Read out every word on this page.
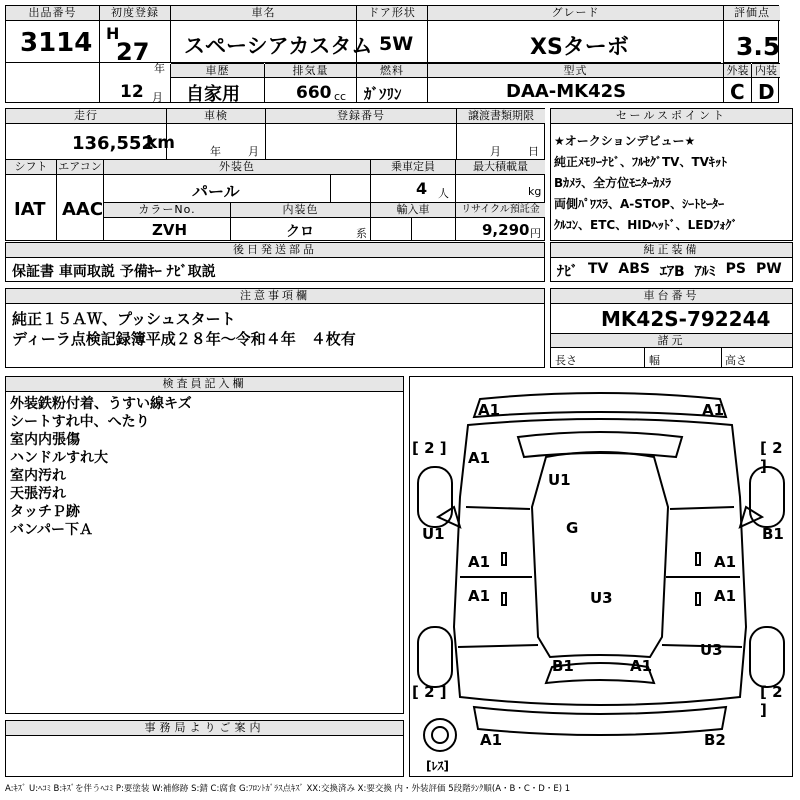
出品番号
3114
初度登録
H
27
年
12 月
車名
スペーシアカスタム
ドア形状
5W
グレード
XSターボ
評価点
3.5
車歴
自家用
排気量
660 cc
燃料
ｶﾞｿﾘﾝ
型式
DAA-MK42S
外装
C
内装
D
走行
136,552
km
車検
年 月
登録番号	譲渡書類期限
月 日
シフト
IAT
エアコン
AAC
外装色
パール
乗車定員
4 人
最大積載量
kg
カラーNo.
ZVH
内装色
クロ	系
輸入車	リサイクル預託金
9,290 円
後日発送部品
保証書 車両取説 予備ｷｰ ﾅﾋﾞ取説
セールスポイント
★オークションデビュー★
純正ﾒﾓﾘｰﾅﾋﾞ、ﾌﾙｾｸﾞTV、TVｷｯﾄ
Bｶﾒﾗ、全方位ﾓﾆﾀｰｶﾒﾗ
両側ﾊﾟﾜｽﾗ、A-STOP、ｼｰﾄﾋｰﾀｰ
ｸﾙｺﾝ、ETC、HIDﾍｯﾄﾞ、LEDﾌｫｸﾞ
純正装備
ﾅﾋﾞ TV ABS ｴｱB ｱﾙﾐ PS PW
注意事項欄
純正１５ＡＷ、プッシュスタート
ディーラ点検記録簿平成２８年～令和４年　４枚有
車台番号
MK42S-792244
諸元
長さ	幅	高さ
検査員記入欄
外装鉄粉付着、うすい線キズ
シートすれ中、へたり
室内内張傷
ハンドルすれ大
室内汚れ
天張汚れ
タッチＰ跡
バンパー下Ａ
事務局よりご案内
A1	A1
[ 2 ]	[ 2 ]
A1
U1
U1	B1
G
A1	A1
A1	A1
U3
U3
B1	A1
[ 2 ]	[ 2 ]
A1	B2
[ﾚｽ]
A:ｷｽﾞ U:ﾍｺﾐ B:ｷｽﾞを伴うﾍｺﾐ P:要塗装 W:補修跡 S:錆 C:腐食 G:ﾌﾛﾝﾄｶﾞﾗｽ点ｷｽﾞ XX:交換済み X:要交換 内・外装評価 5段階ﾗﾝｸ順(A・B・C・D・E) 1
